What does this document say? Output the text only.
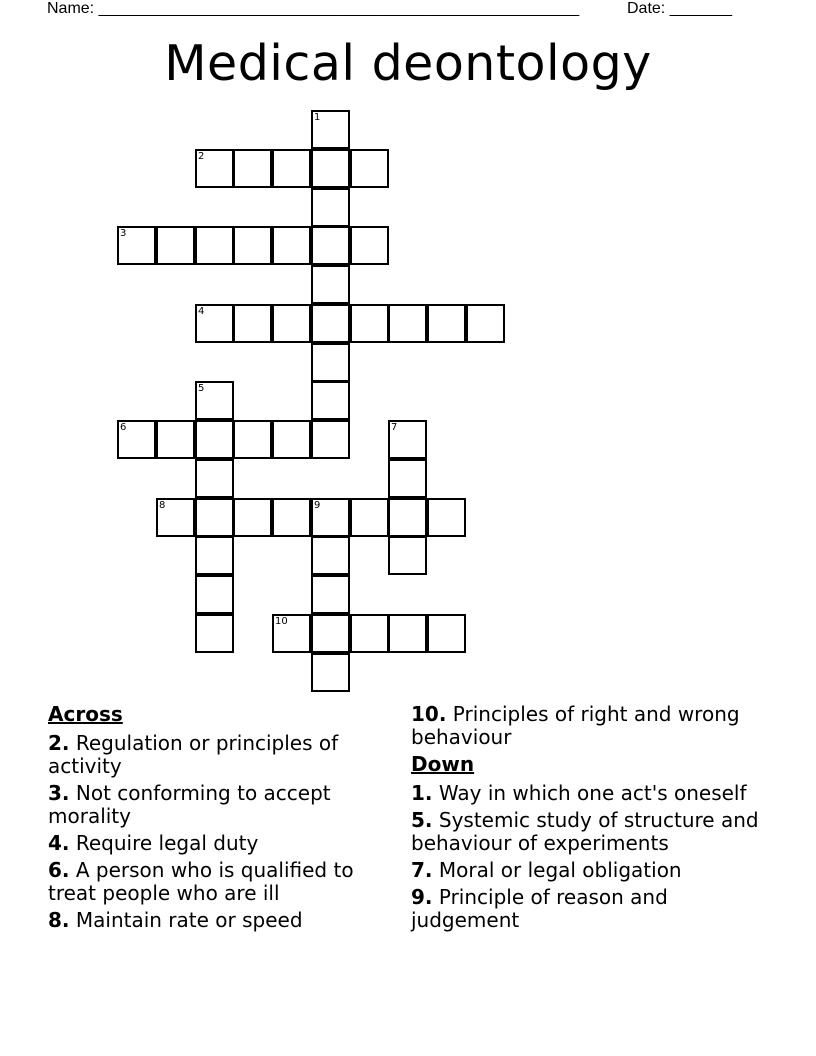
Name: ______________________________________________________	Date: _______
Medical deontology
1
2
3
4
5
6	7
8	9
10
Across
2. Regulation or principles of activity
3. Not conforming to accept morality
4. Require legal duty
6. A person who is qualified to treat people who are ill
8. Maintain rate or speed
10. Principles of right and wrong behaviour
Down
1. Way in which one act's oneself
5. Systemic study of structure and behaviour of experiments
7. Moral or legal obligation
9. Principle of reason and judgement
